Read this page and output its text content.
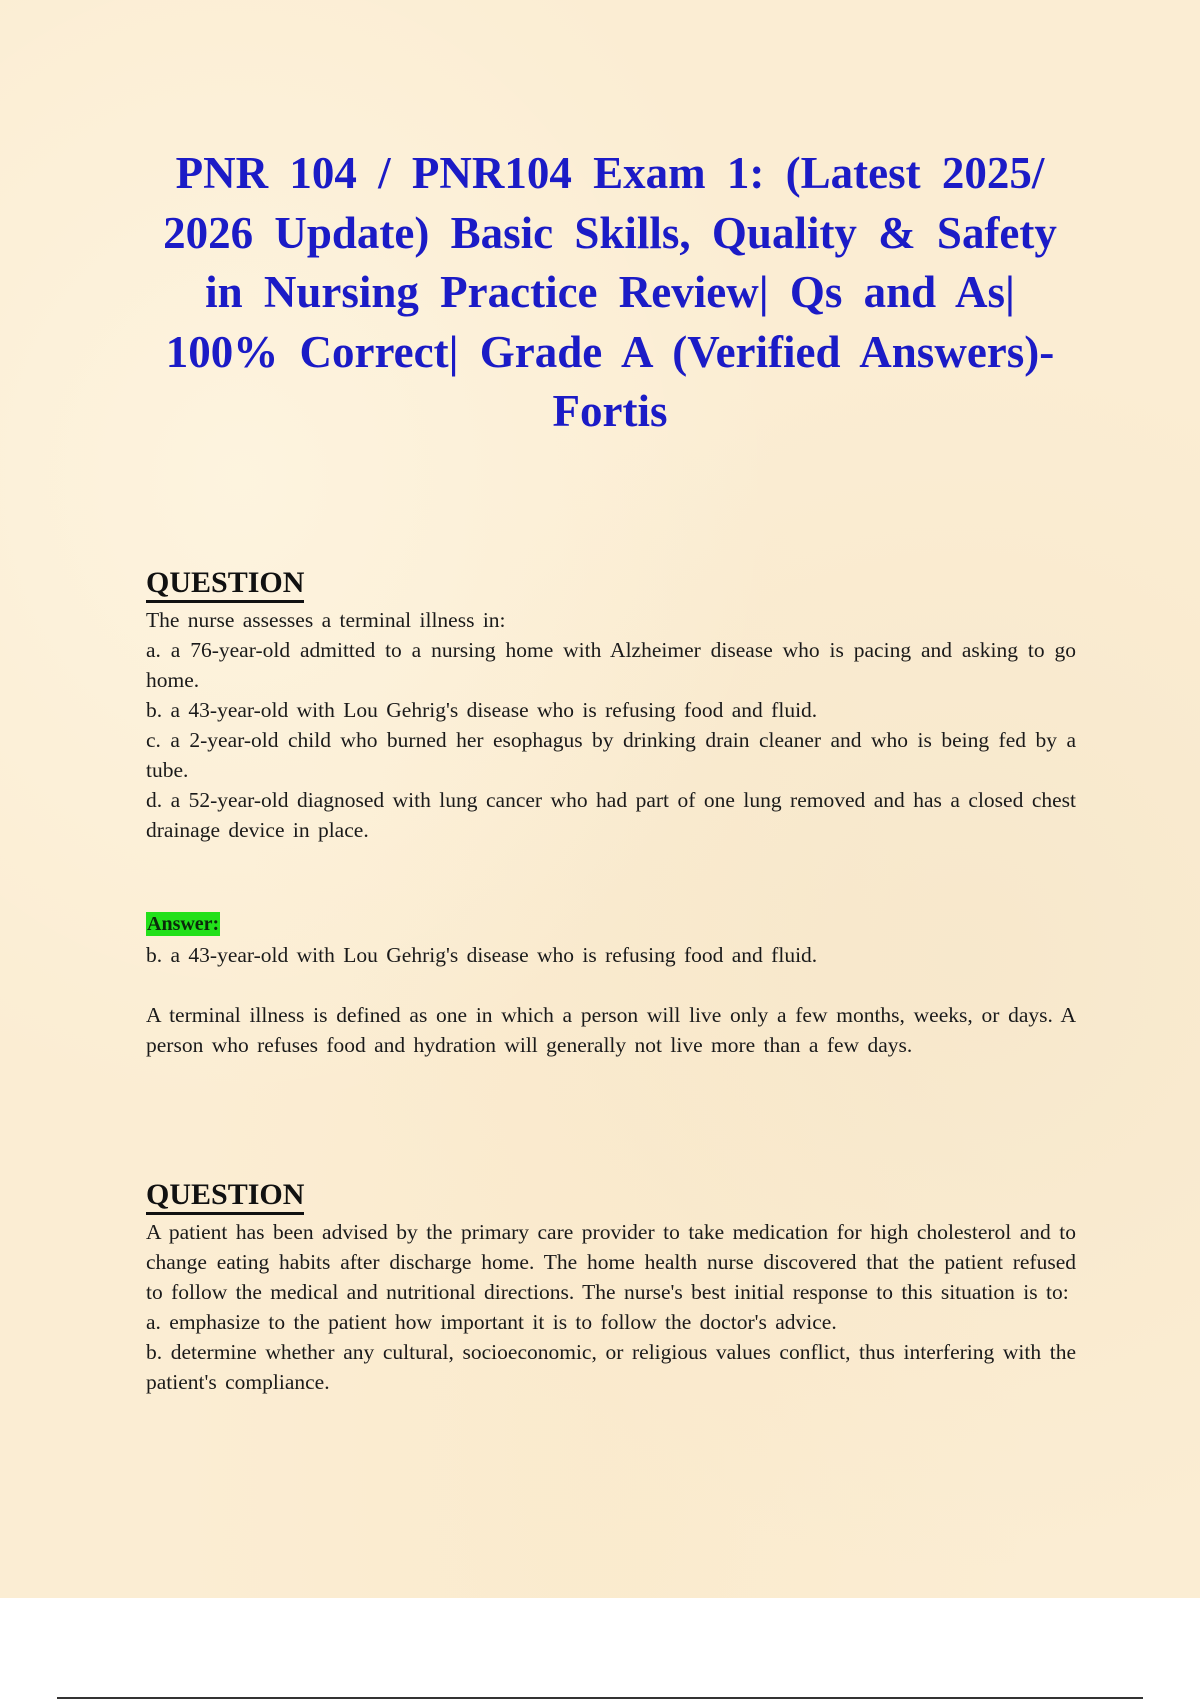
PNR 104 / PNR104 Exam 1: (Latest 2025/ 2026 Update) Basic Skills, Quality & Safety in Nursing Practice Review| Qs and As| 100% Correct| Grade A (Verified Answers)- Fortis
QUESTION

The nurse assesses a terminal illness in:

a. a 76-year-old admitted to a nursing home with Alzheimer disease who is pacing and asking to go home.

b. a 43-year-old with Lou Gehrig's disease who is refusing food and fluid.

c. a 2-year-old child who burned her esophagus by drinking drain cleaner and who is being fed by a tube.

d. a 52-year-old diagnosed with lung cancer who had part of one lung removed and has a closed chest drainage device in place.

Answer:

b. a 43-year-old with Lou Gehrig's disease who is refusing food and fluid.

A terminal illness is defined as one in which a person will live only a few months, weeks, or days. A person who refuses food and hydration will generally not live more than a few days.

QUESTION

A patient has been advised by the primary care provider to take medication for high cholesterol and to change eating habits after discharge home. The home health nurse discovered that the patient refused to follow the medical and nutritional directions. The nurse's best initial response to this situation is to:

a. emphasize to the patient how important it is to follow the doctor's advice.

b. determine whether any cultural, socioeconomic, or religious values conflict, thus interfering with the patient's compliance.
